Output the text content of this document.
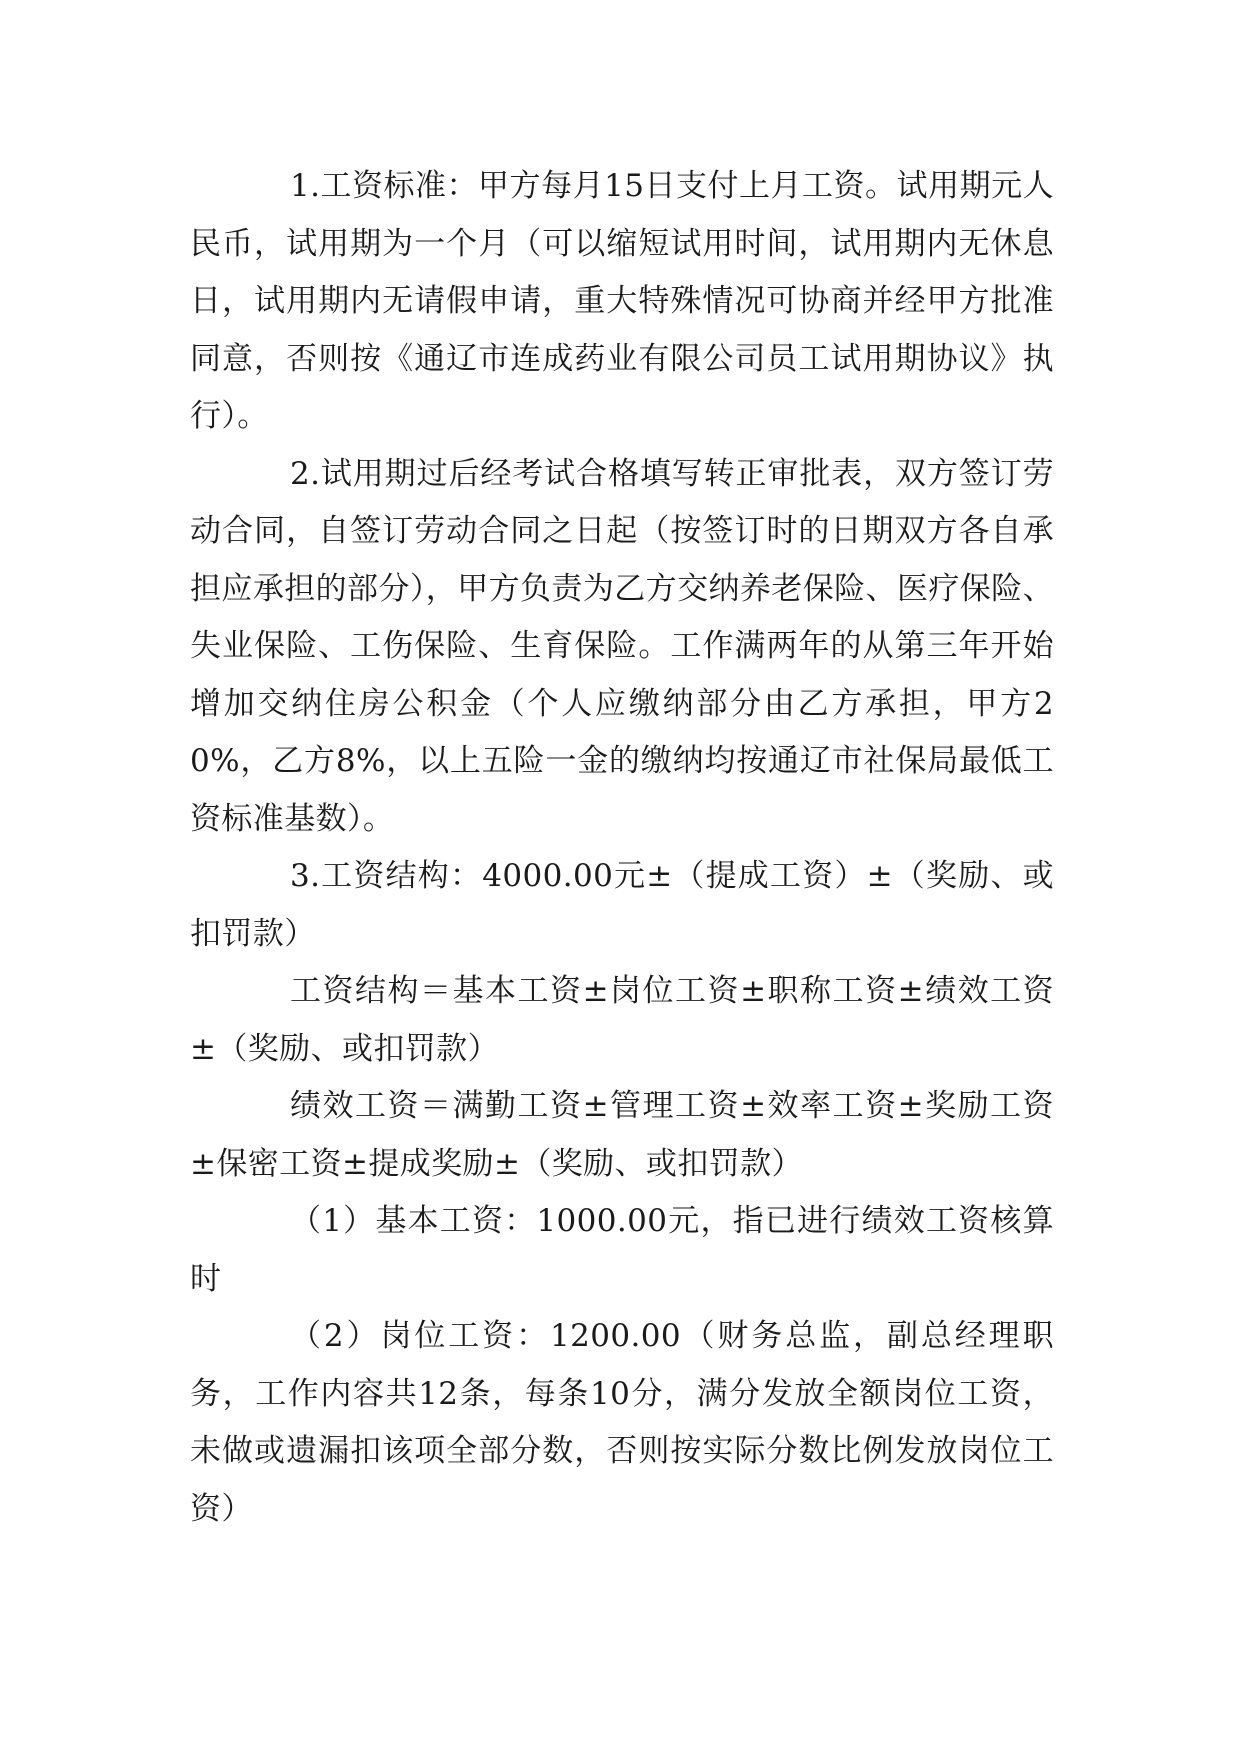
1.工资标准：甲方每月15日支付上月工资。试用期元人民币，试用期为一个月（可以缩短试用时间，试用期内无休息日，试用期内无请假申请，重大特殊情况可协商并经甲方批准同意，否则按《通辽市连成药业有限公司员工试用期协议》执行）。

2.试用期过后经考试合格填写转正审批表，双方签订劳动合同，自签订劳动合同之日起（按签订时的日期双方各自承担应承担的部分），甲方负责为乙方交纳养老保险、医疗保险、失业保险、工伤保险、生育保险。工作满两年的从第三年开始增加交纳住房公积金（个人应缴纳部分由乙方承担，甲方20%，乙方8%，以上五险一金的缴纳均按通辽市社保局最低工资标准基数）。

3.工资结构：4000.00元±（提成工资）±（奖励、或扣罚款）

工资结构＝基本工资±岗位工资±职称工资±绩效工资±（奖励、或扣罚款）

绩效工资＝满勤工资±管理工资±效率工资±奖励工资±保密工资±提成奖励±（奖励、或扣罚款）

（1）基本工资：1000.00元，指已进行绩效工资核算时

（2）岗位工资：1200.00（财务总监，副总经理职务，工作内容共12条，每条10分，满分发放全额岗位工资，未做或遗漏扣该项全部分数，否则按实际分数比例发放岗位工资）
